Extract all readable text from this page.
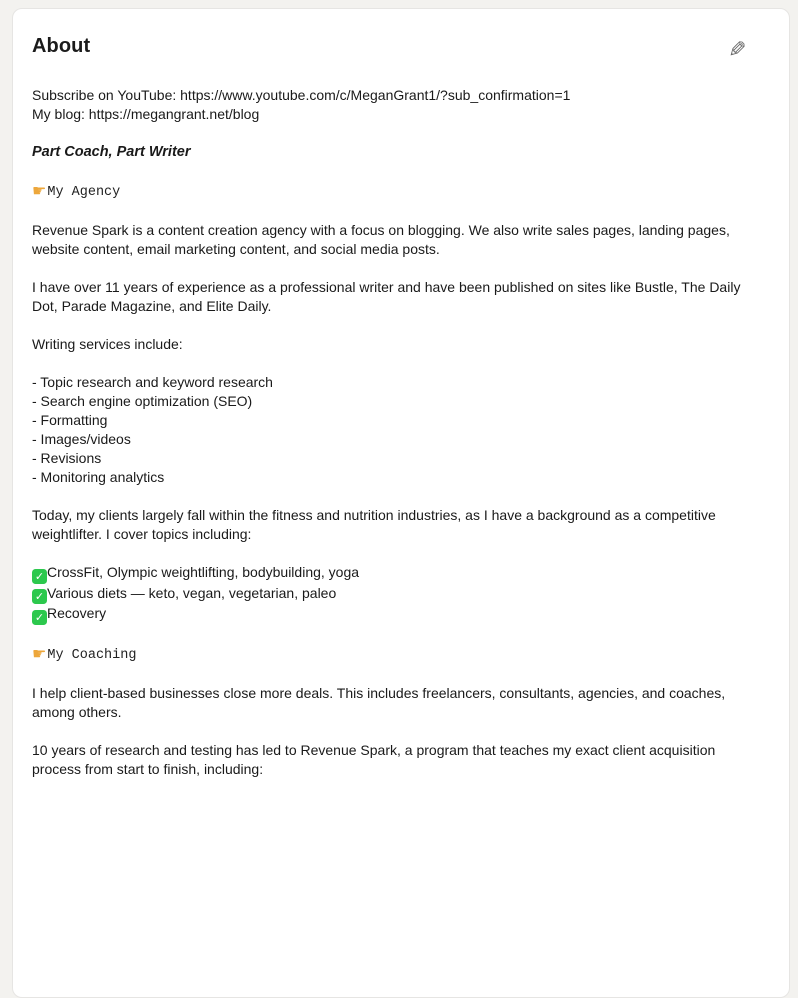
About	✎
Subscribe on YouTube: https://www.youtube.com/c/MeganGrant1/?sub_confirmation=1
My blog: https://megangrant.net/blog
Part Coach, Part Writer
☛My Agency

Revenue Spark is a content creation agency with a focus on blogging. We also write sales pages, landing pages, website content, email marketing content, and social media posts.

I have over 11 years of experience as a professional writer and have been published on sites like Bustle, The Daily Dot, Parade Magazine, and Elite Daily.

Writing services include:

- Topic research and keyword research
- Search engine optimization (SEO)
- Formatting
- Images/videos
- Revisions
- Monitoring analytics

Today, my clients largely fall within the fitness and nutrition industries, as I have a background as a competitive weightlifter. I cover topics including:

✓ CrossFit, Olympic weightlifting, bodybuilding, yoga
✓ Various diets — keto, vegan, vegetarian, paleo
✓ Recovery
☛My Coaching

I help client-based businesses close more deals. This includes freelancers, consultants, agencies, and coaches, among others.

10 years of research and testing has led to Revenue Spark, a program that teaches my exact client acquisition process from start to finish, including:
